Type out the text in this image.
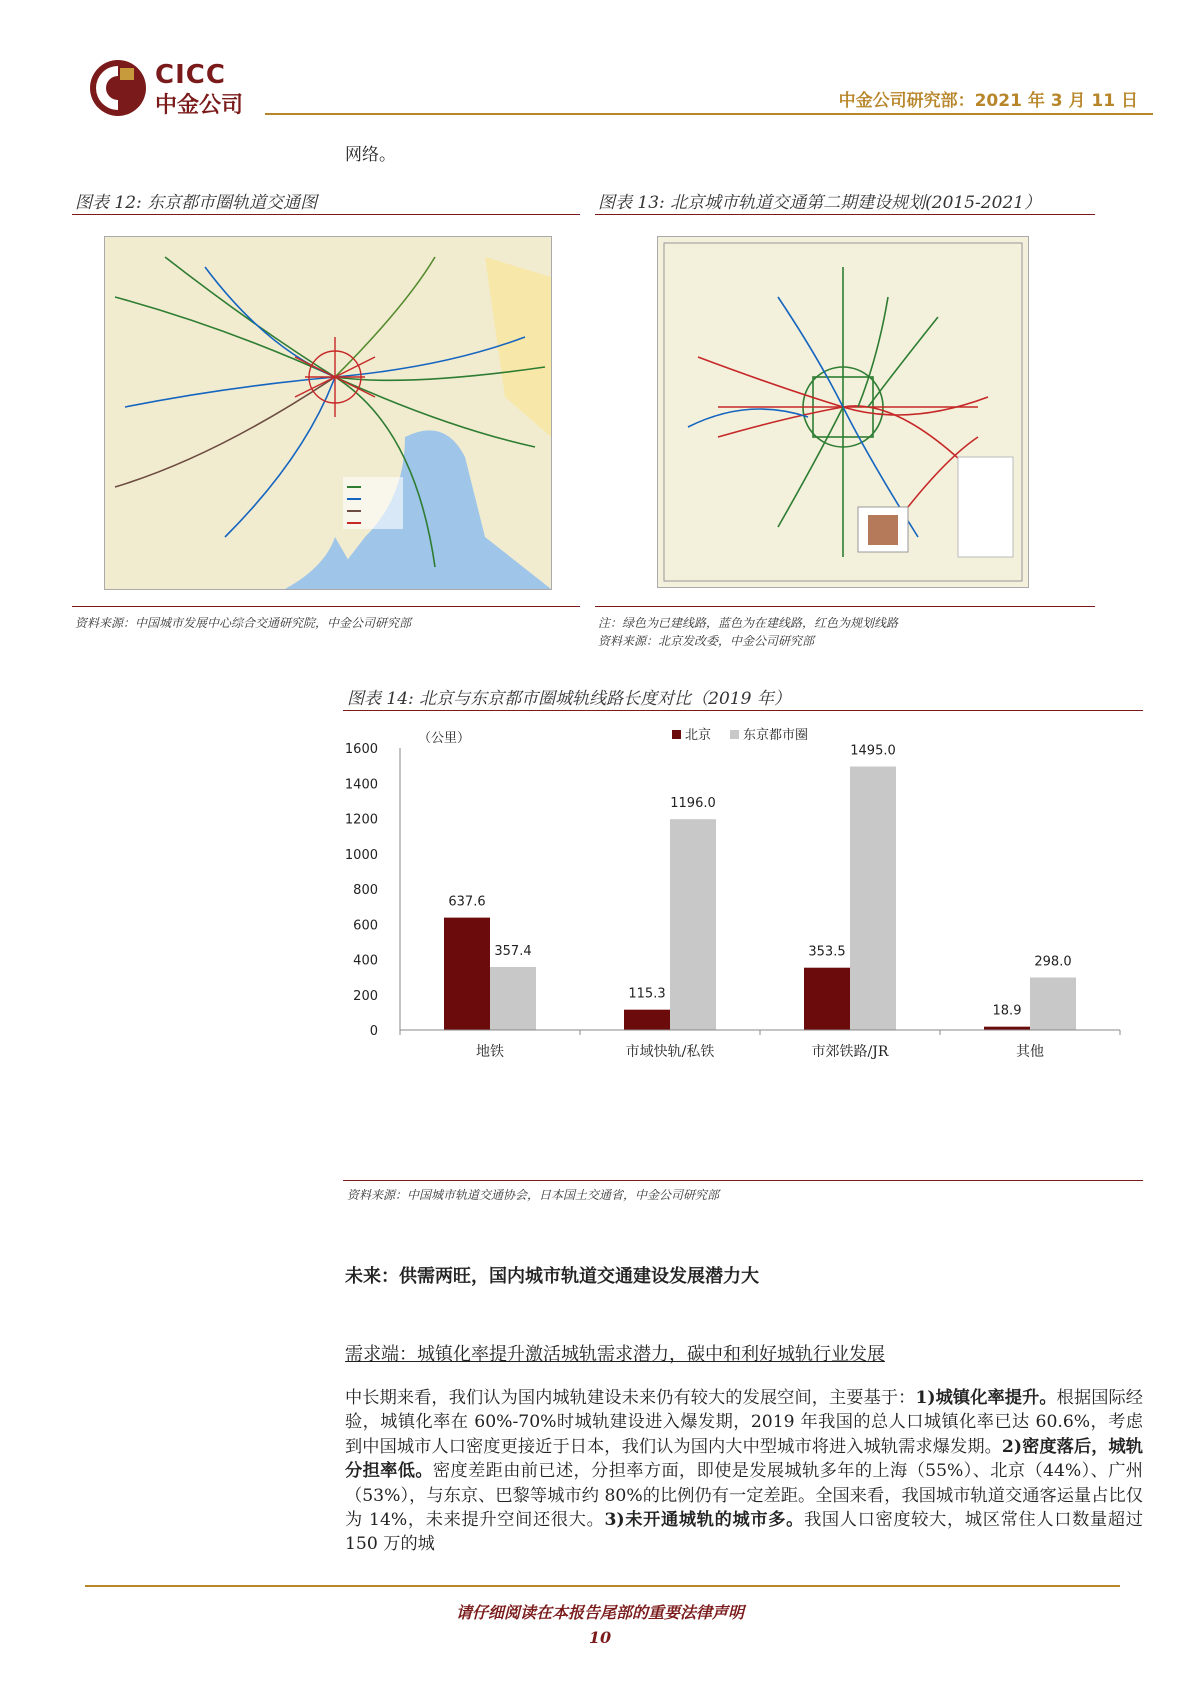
CICC
中金公司	中金公司研究部：2021 年 3 月 11 日
网络。
图表 12: 东京都市圈轨道交通图
资料来源：中国城市发展中心综合交通研究院，中金公司研究部
图表 13: 北京城市轨道交通第二期建设规划(2015-2021）
注：绿色为已建线路，蓝色为在建线路，红色为规划线路
资料来源：北京发改委，中金公司研究部
图表 14: 北京与东京都市圈城轨线路长度对比（2019 年）
（公里）	北京 东京都市圈
0
200
400
600
800
1000
1200
1400
1600
637.6
357.4
115.3
1196.0
353.5
1495.0
18.9
298.0
地铁	市域快轨/私铁	市郊铁路/JR	其他
资料来源：中国城市轨道交通协会，日本国土交通省，中金公司研究部
未来：供需两旺，国内城市轨道交通建设发展潜力大
需求端：城镇化率提升激活城轨需求潜力，碳中和利好城轨行业发展
中长期来看，我们认为国内城轨建设未来仍有较大的发展空间，主要基于：1)城镇化率提升。根据国际经验，城镇化率在 60%-70%时城轨建设进入爆发期，2019 年我国的总人口城镇化率已达 60.6%，考虑到中国城市人口密度更接近于日本，我们认为国内大中型城市将进入城轨需求爆发期。2)密度落后，城轨分担率低。密度差距由前已述，分担率方面，即使是发展城轨多年的上海（55%）、北京（44%）、广州（53%），与东京、巴黎等城市约 80%的比例仍有一定差距。全国来看，我国城市轨道交通客运量占比仅为 14%，未来提升空间还很大。3)未开通城轨的城市多。我国人口密度较大，城区常住人口数量超过 150 万的城
请仔细阅读在本报告尾部的重要法律声明
10
